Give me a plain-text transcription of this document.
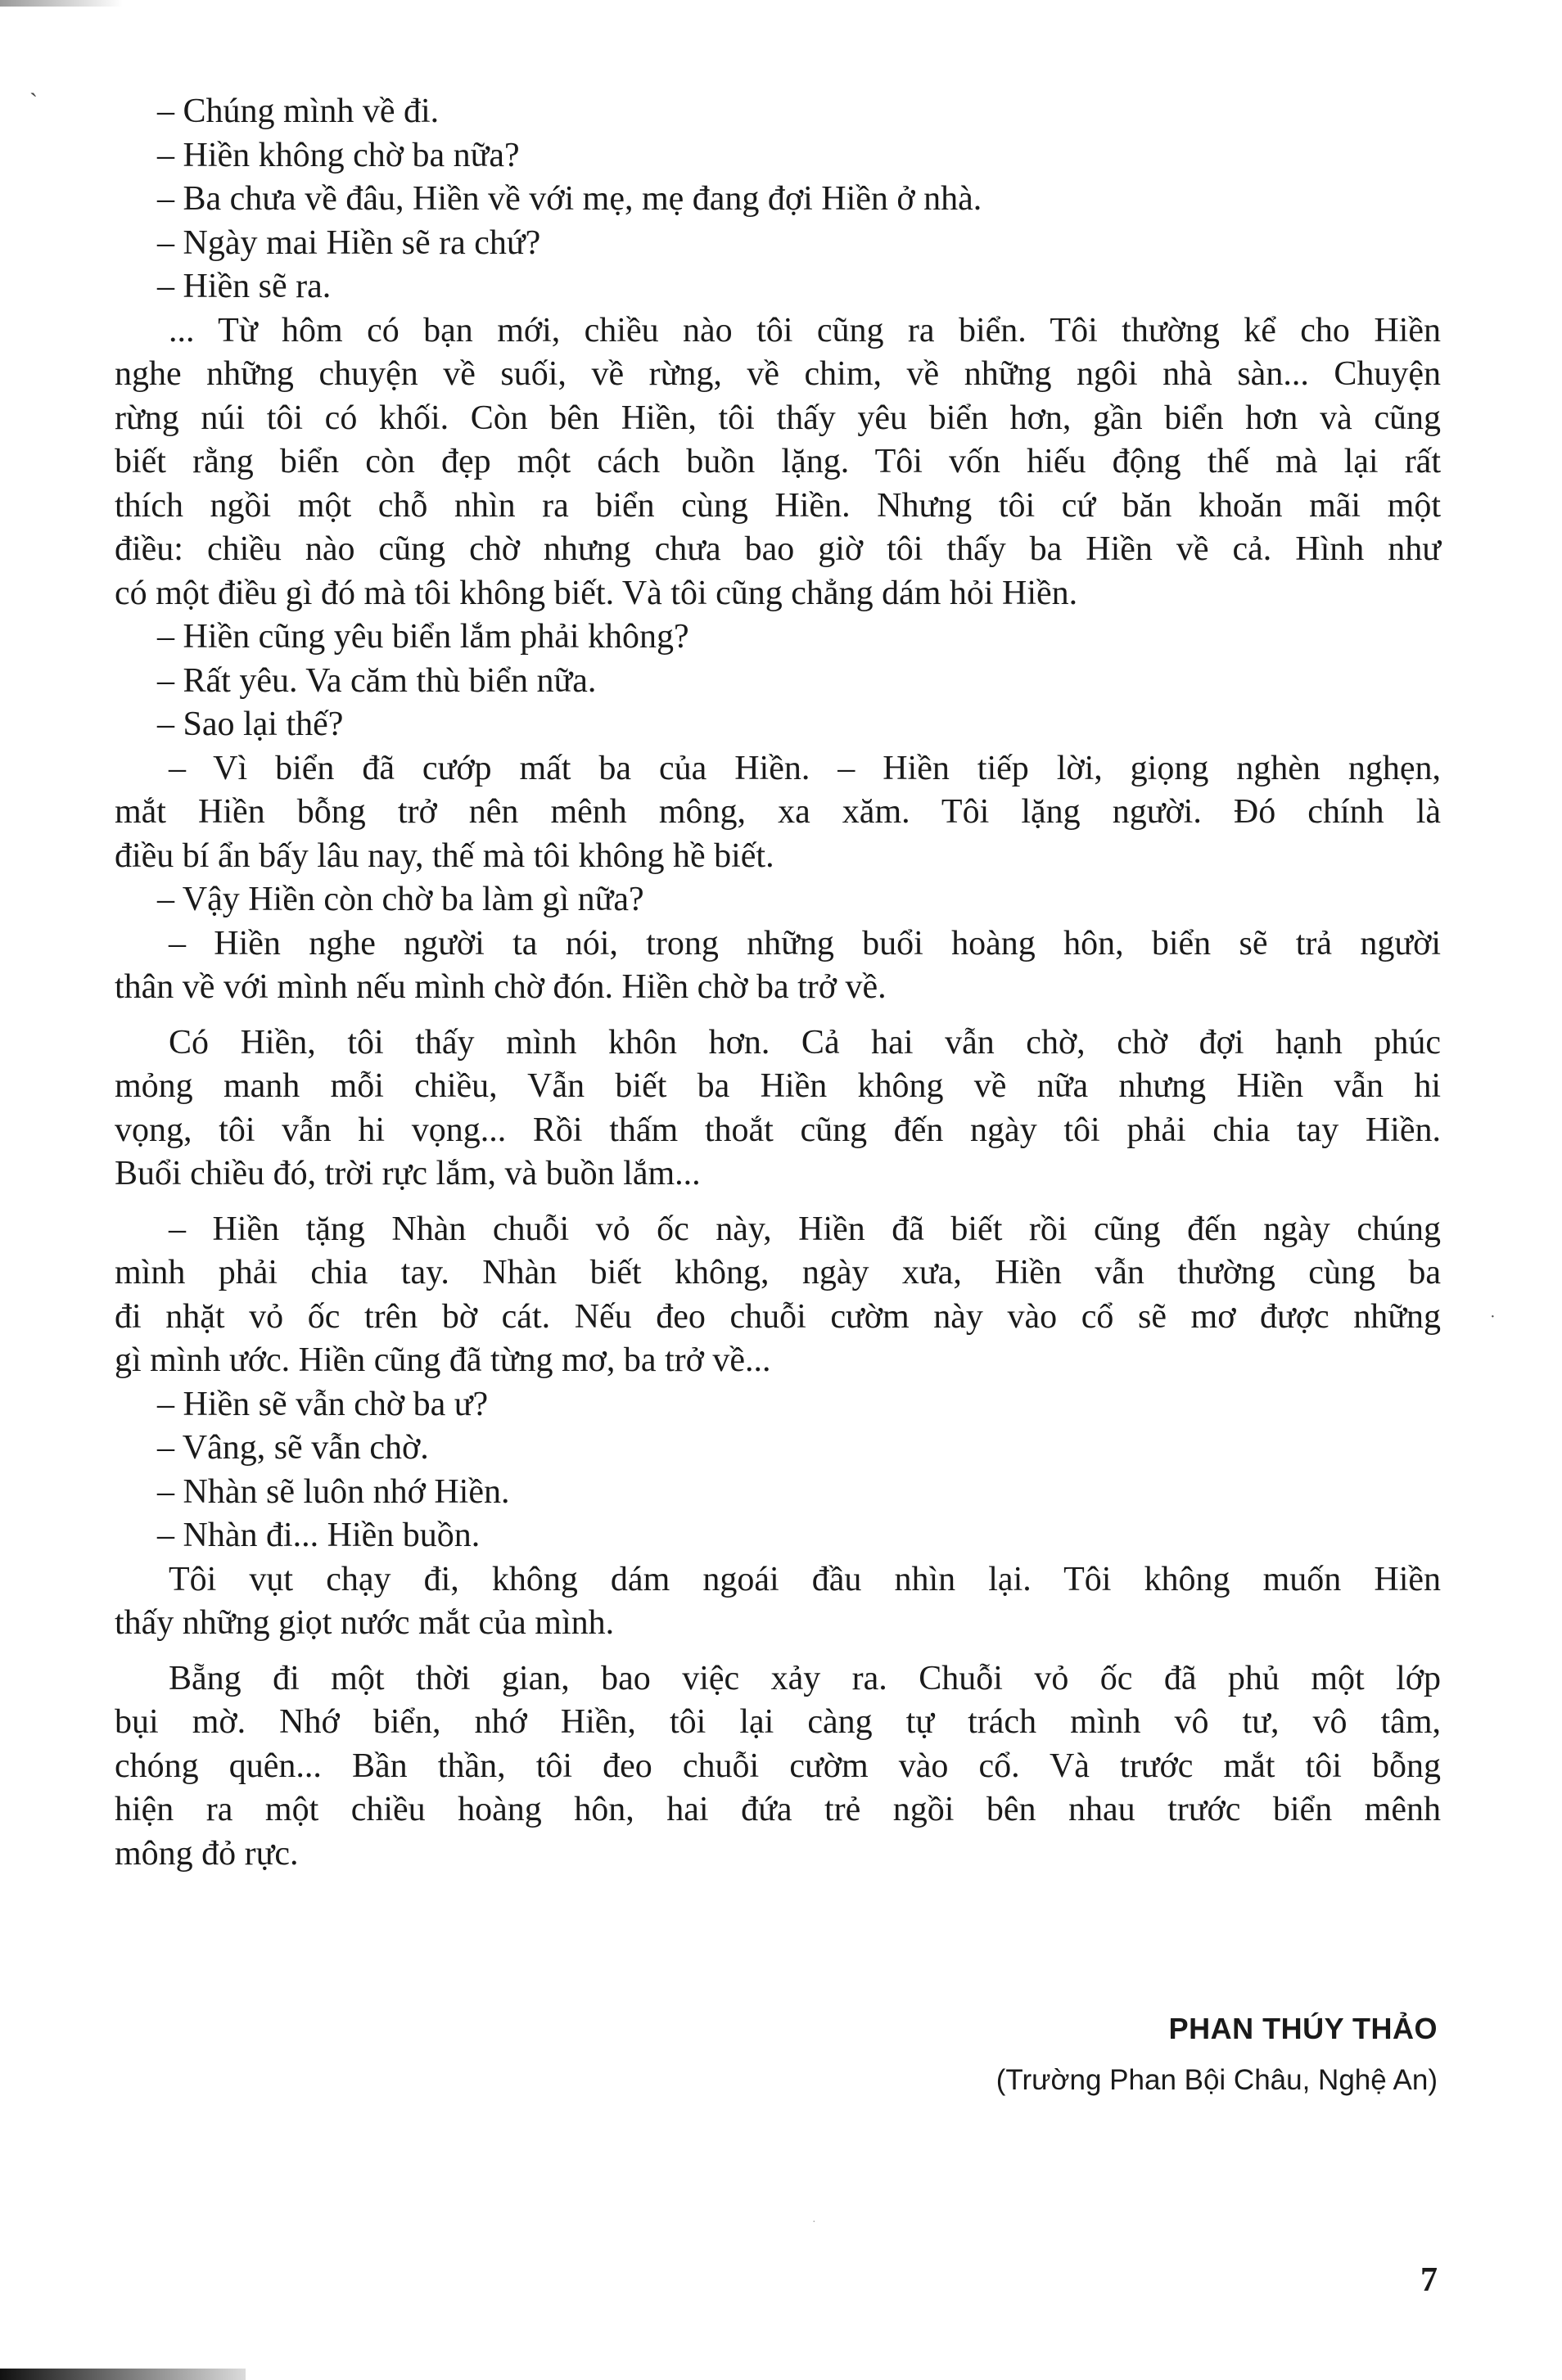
ˋ
·
·

– Chúng mình về đi.

– Hiền không chờ ba nữa?

– Ba chưa về đâu, Hiền về với mẹ, mẹ đang đợi Hiền ở nhà.

– Ngày mai Hiền sẽ ra chứ?

– Hiền sẽ ra.

... Từ hôm có bạn mới, chiều nào tôi cũng ra biển. Tôi thường kể cho Hiền

nghe những chuyện về suối, về rừng, về chim, về những ngôi nhà sàn... Chuyện

rừng núi tôi có khối. Còn bên Hiền, tôi thấy yêu biển hơn, gần biển hơn và cũng

biết rằng biển còn đẹp một cách buồn lặng. Tôi vốn hiếu động thế mà lại rất

thích ngồi một chỗ nhìn ra biển cùng Hiền. Nhưng tôi cứ băn khoăn mãi một

điều: chiều nào cũng chờ nhưng chưa bao giờ tôi thấy ba Hiền về cả. Hình như

có một điều gì đó mà tôi không biết. Và tôi cũng chẳng dám hỏi Hiền.

– Hiền cũng yêu biển lắm phải không?

– Rất yêu. Va căm thù biển nữa.

– Sao lại thế?

– Vì biển đã cướp mất ba của Hiền. – Hiền tiếp lời, giọng nghèn nghẹn,

mắt Hiền bỗng trở nên mênh mông, xa xăm. Tôi lặng người. Đó chính là

điều bí ẩn bấy lâu nay, thế mà tôi không hề biết.

– Vậy Hiền còn chờ ba làm gì nữa?

– Hiền nghe người ta nói, trong những buổi hoàng hôn, biển sẽ trả người

thân về với mình nếu mình chờ đón. Hiền chờ ba trở về.

Có Hiền, tôi thấy mình khôn hơn. Cả hai vẫn chờ, chờ đợi hạnh phúc

mỏng manh mỗi chiều, Vẫn biết ba Hiền không về nữa nhưng Hiền vẫn hi

vọng, tôi vẫn hi vọng... Rồi thấm thoắt cũng đến ngày tôi phải chia tay Hiền.

Buổi chiều đó, trời rực lắm, và buồn lắm...

– Hiền tặng Nhàn chuỗi vỏ ốc này, Hiền đã biết rồi cũng đến ngày chúng

mình phải chia tay. Nhàn biết không, ngày xưa, Hiền vẫn thường cùng ba

đi nhặt vỏ ốc trên bờ cát. Nếu đeo chuỗi cườm này vào cổ sẽ mơ được những

gì mình ước. Hiền cũng đã từng mơ, ba trở về...

– Hiền sẽ vẫn chờ ba ư?

– Vâng, sẽ vẫn chờ.

– Nhàn sẽ luôn nhớ Hiền.

– Nhàn đi... Hiền buồn.

Tôi vụt chạy đi, không dám ngoái đầu nhìn lại. Tôi không muốn Hiền

thấy những giọt nước mắt của mình.

Bẵng đi một thời gian, bao việc xảy ra. Chuỗi vỏ ốc đã phủ một lớp

bụi mờ. Nhớ biển, nhớ Hiền, tôi lại càng tự trách mình vô tư, vô tâm,

chóng quên... Bần thần, tôi đeo chuỗi cườm vào cổ. Và trước mắt tôi bỗng

hiện ra một chiều hoàng hôn, hai đứa trẻ ngồi bên nhau trước biển mênh

mông đỏ rực.

PHAN THÚY THẢO

(Trường Phan Bội Châu, Nghệ An)

7
